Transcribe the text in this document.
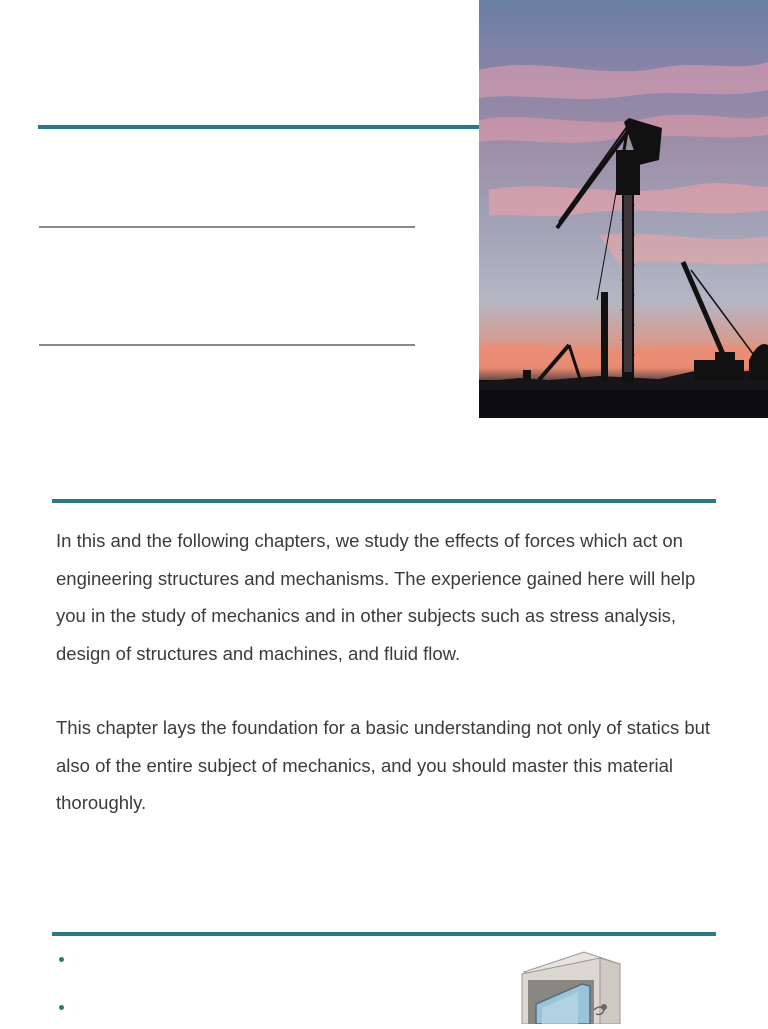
In this and the following chapters, we study the effects of forces which act on engineering structures and mechanisms. The experience gained here will help you in the study of mechanics and in other subjects such as stress analysis, design of structures and machines, and fluid flow.

This chapter lays the foundation for a basic understanding not only of statics but also of the entire subject of mechanics, and you should master this material thoroughly.
